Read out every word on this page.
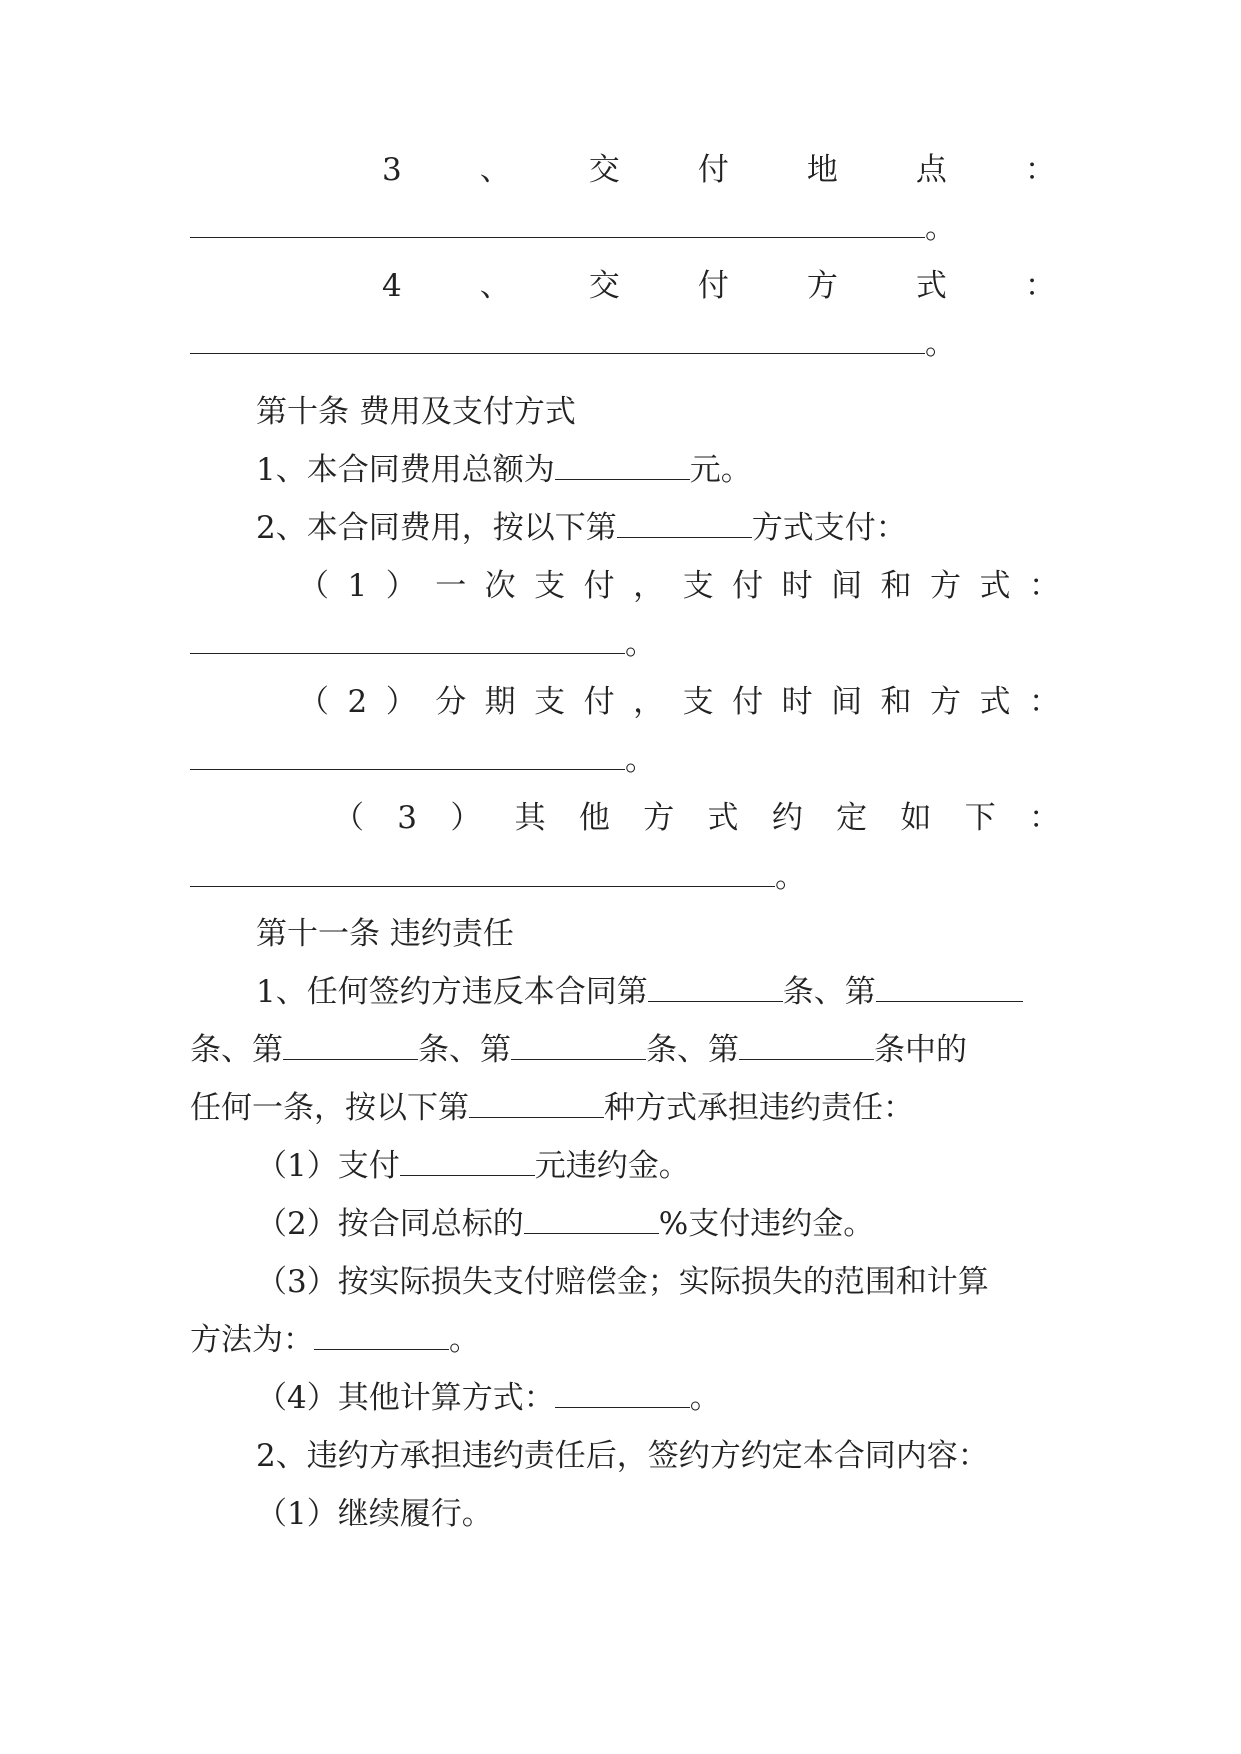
3	、	交	付	地	点	：
。
4	、	交	付	方	式	：
。
第十条 费用及支付方式
1、本合同费用总额为	元。
2、本合同费用，按以下第	方式支付：
（ 1 ） 一 次 支 付 ， 支 付 时 间 和 方 式 ：
。
（ 2 ） 分 期 支 付 ， 支 付 时 间 和 方 式 ：
。
（ 3 ） 其 他 方 式 约 定 如 下 ：
。
第十一条 违约责任
1、任何签约方违反本合同第	条、第
条、第	条、第	条、第	条中的
任何一条，按以下第	种方式承担违约责任：
（1）支付	元违约金。
（2）按合同总标的	%支付违约金。
（3）按实际损失支付赔偿金；实际损失的范围和计算
方法为：	。
（4）其他计算方式：	。
2、违约方承担违约责任后，签约方约定本合同内容：
（1）继续履行。
